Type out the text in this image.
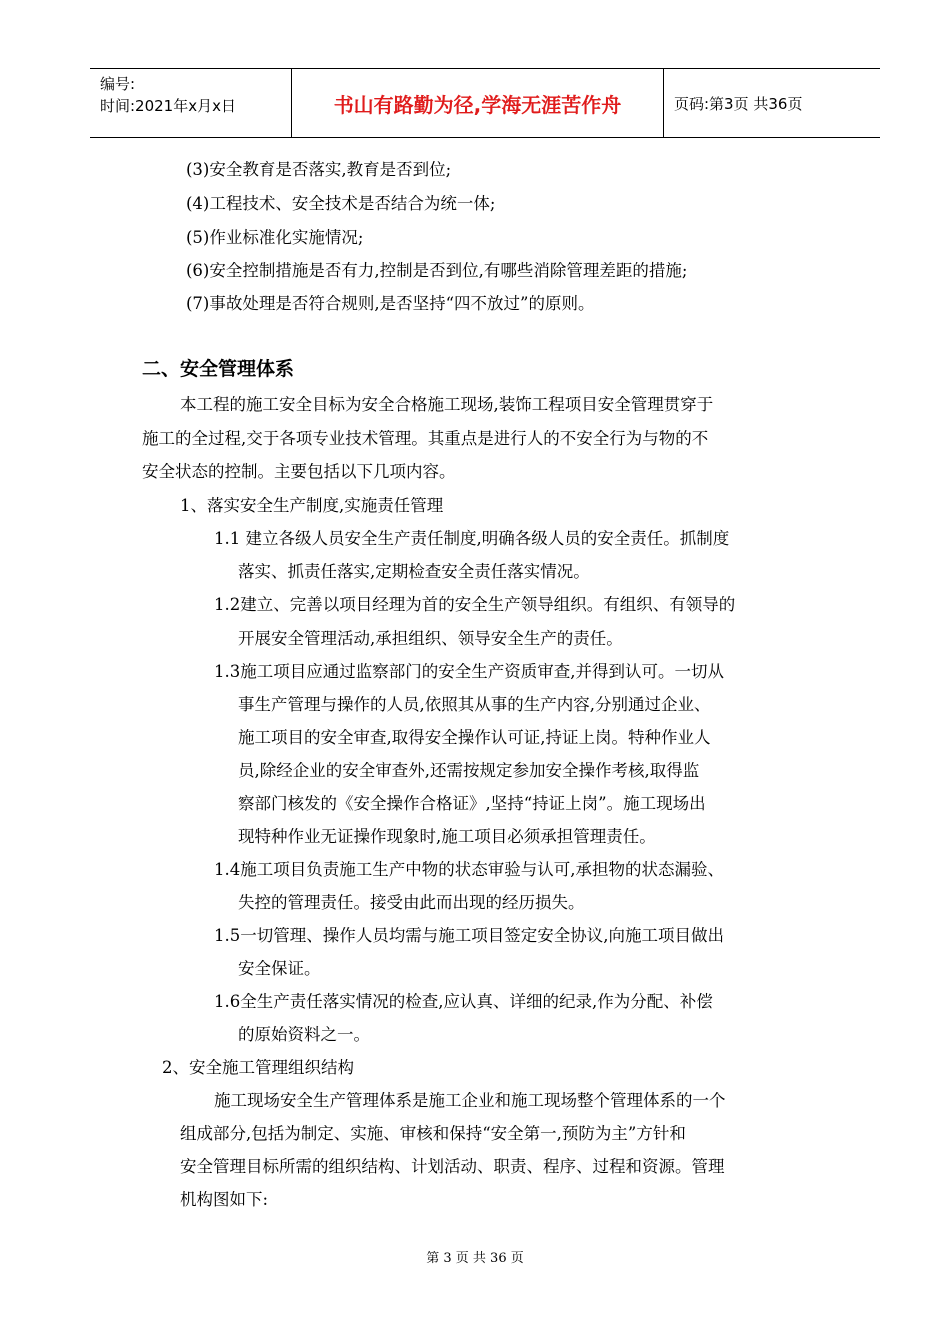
编号:
时间:2021年x月x日	书山有路勤为径,学海无涯苦作舟	页码:第3页 共36页
(3)安全教育是否落实,教育是否到位;
(4)工程技术、安全技术是否结合为统一体;
(5)作业标准化实施情况;
(6)安全控制措施是否有力,控制是否到位,有哪些消除管理差距的措施;
(7)事故处理是否符合规则,是否坚持“四不放过”的原则。
二、安全管理体系
本工程的施工安全目标为安全合格施工现场,装饰工程项目安全管理贯穿于
施工的全过程,交于各项专业技术管理。其重点是进行人的不安全行为与物的不
安全状态的控制。主要包括以下几项内容。
1、落实安全生产制度,实施责任管理
1.1 建立各级人员安全生产责任制度,明确各级人员的安全责任。抓制度
落实、抓责任落实,定期检查安全责任落实情况。
1.2建立、完善以项目经理为首的安全生产领导组织。有组织、有领导的
开展安全管理活动,承担组织、领导安全生产的责任。
1.3施工项目应通过监察部门的安全生产资质审查,并得到认可。一切从
事生产管理与操作的人员,依照其从事的生产内容,分别通过企业、
施工项目的安全审查,取得安全操作认可证,持证上岗。特种作业人
员,除经企业的安全审查外,还需按规定参加安全操作考核,取得监
察部门核发的《安全操作合格证》,坚持“持证上岗”。施工现场出
现特种作业无证操作现象时,施工项目必须承担管理责任。
1.4施工项目负责施工生产中物的状态审验与认可,承担物的状态漏验、
失控的管理责任。接受由此而出现的经历损失。
1.5一切管理、操作人员均需与施工项目签定安全协议,向施工项目做出
安全保证。
1.6全生产责任落实情况的检查,应认真、详细的纪录,作为分配、补偿
的原始资料之一。
2、安全施工管理组织结构
施工现场安全生产管理体系是施工企业和施工现场整个管理体系的一个
组成部分,包括为制定、实施、审核和保持“安全第一,预防为主”方针和
安全管理目标所需的组织结构、计划活动、职责、程序、过程和资源。管理
机构图如下:
第 3 页 共 36 页
